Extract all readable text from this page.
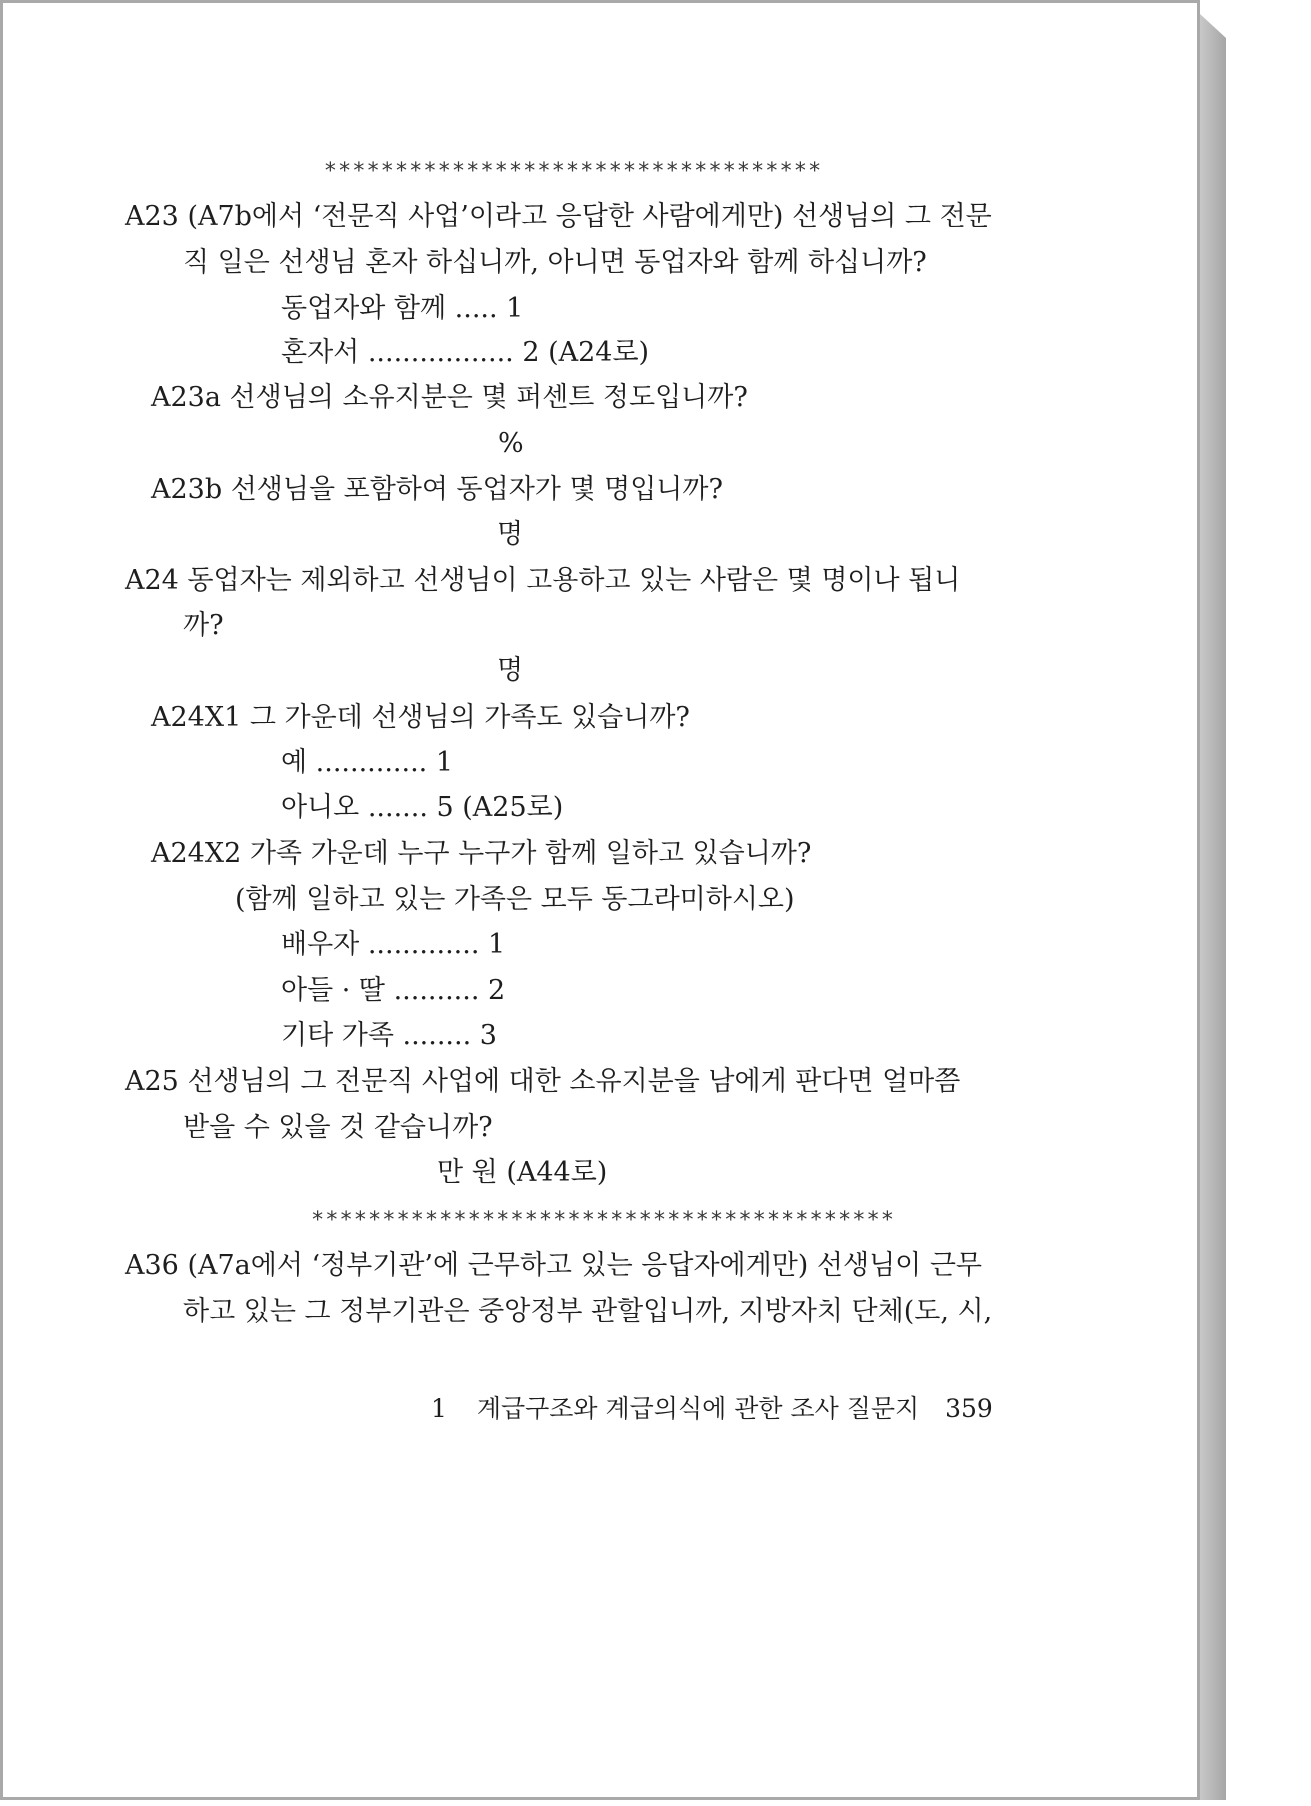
***********************************
A23 (A7b에서 ‘전문직 사업’이라고 응답한 사람에게만) 선생님의 그 전문
직 일은 선생님 혼자 하십니까, 아니면 동업자와 함께 하십니까?
동업자와 함께 ..... 1
혼자서 ................. 2 (A24로)
A23a 선생님의 소유지분은 몇 퍼센트 정도입니까?
%
A23b 선생님을 포함하여 동업자가 몇 명입니까?
명
A24 동업자는 제외하고 선생님이 고용하고 있는 사람은 몇 명이나 됩니
까?
명
A24X1 그 가운데 선생님의 가족도 있습니까?
예 ............. 1
아니오 ....... 5 (A25로)
A24X2 가족 가운데 누구 누구가 함께 일하고 있습니까?
(함께 일하고 있는 가족은 모두 동그라미하시오)
배우자 ............. 1
아들 · 딸 .......... 2
기타 가족 ........ 3
A25 선생님의 그 전문직 사업에 대한 소유지분을 남에게 판다면 얼마쯤
받을 수 있을 것 같습니까?
만 원 (A44로)
*****************************************
A36 (A7a에서 ‘정부기관’에 근무하고 있는 응답자에게만) 선생님이 근무
하고 있는 그 정부기관은 중앙정부 관할입니까, 지방자치 단체(도, 시,
1 계급구조와 계급의식에 관한 조사 질문지 359
